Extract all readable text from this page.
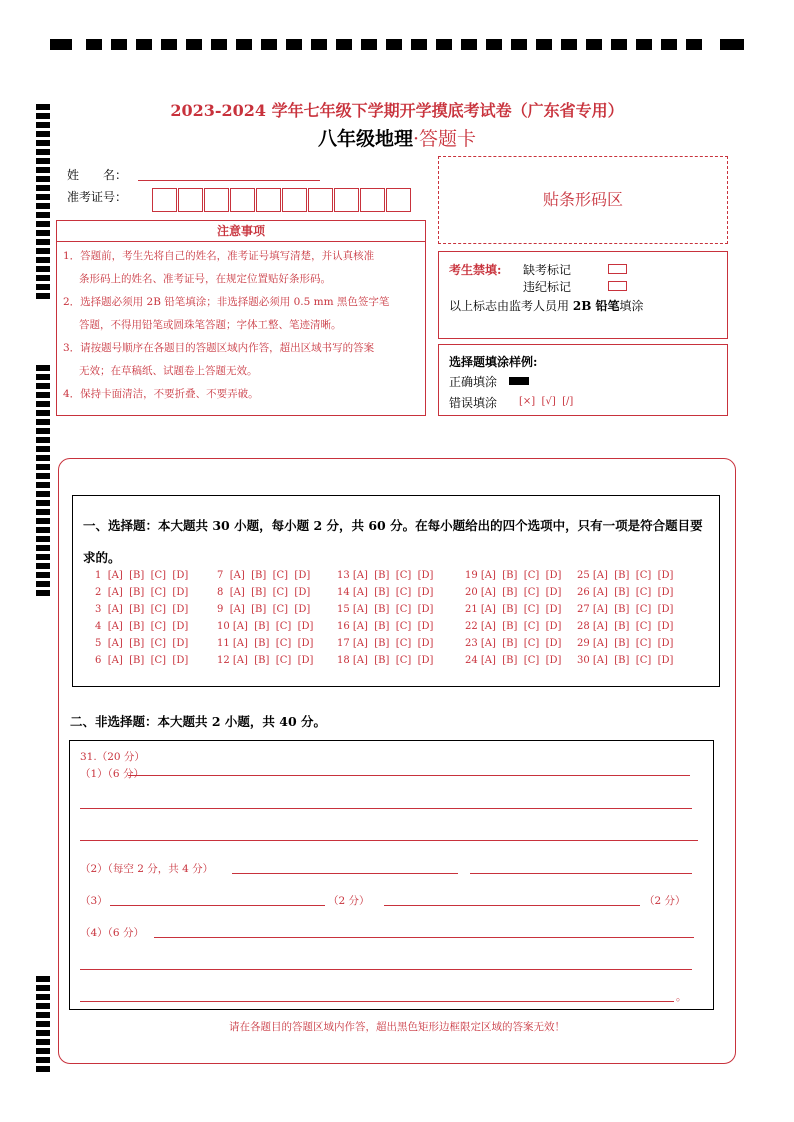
2023-2024 学年七年级下学期开学摸底考试卷（广东省专用）
八年级地理·答题卡
姓　　名：
准考证号：	贴条形码区
注意事项
1．答题前，考生先将自己的姓名，准考证号填写清楚，并认真核准
条形码上的姓名、准考证号，在规定位置贴好条形码。
2．选择题必须用 2B 铅笔填涂；非选择题必须用 0.5 mm 黑色签字笔
答题，不得用铅笔或圆珠笔答题；字体工整、笔迹清晰。
3．请按题号顺序在各题目的答题区域内作答，超出区域书写的答案
无效；在草稿纸、试题卷上答题无效。
4．保持卡面清洁，不要折叠、不要弄破。
考生禁填: 缺考标记
违纪标记
以上标志由监考人员用 2B 铅笔填涂
选择题填涂样例:
正确填涂
错误填涂 [×]  [√]  [/]
一、选择题：本大题共 30 小题，每小题 2 分，共 60 分。在每小题给出的四个选项中，只有一项是符合题目要求的。
1  [A]  [B]  [C]  [D]
2  [A]  [B]  [C]  [D]
3  [A]  [B]  [C]  [D]
4  [A]  [B]  [C]  [D]
5  [A]  [B]  [C]  [D]
6  [A]  [B]  [C]  [D]
7  [A]  [B]  [C]  [D]
8  [A]  [B]  [C]  [D]
9  [A]  [B]  [C]  [D]
10 [A]  [B]  [C]  [D]
11 [A]  [B]  [C]  [D]
12 [A]  [B]  [C]  [D]
13 [A]  [B]  [C]  [D]
14 [A]  [B]  [C]  [D]
15 [A]  [B]  [C]  [D]
16 [A]  [B]  [C]  [D]
17 [A]  [B]  [C]  [D]
18 [A]  [B]  [C]  [D]
19 [A]  [B]  [C]  [D]
20 [A]  [B]  [C]  [D]
21 [A]  [B]  [C]  [D]
22 [A]  [B]  [C]  [D]
23 [A]  [B]  [C]  [D]
24 [A]  [B]  [C]  [D]
25 [A]  [B]  [C]  [D]
26 [A]  [B]  [C]  [D]
27 [A]  [B]  [C]  [D]
28 [A]  [B]  [C]  [D]
29 [A]  [B]  [C]  [D]
30 [A]  [B]  [C]  [D]
二、非选择题：本大题共 2 小题，共 40 分。
31.（20 分）
（1）（6 分）
（2）（每空 2 分，共 4 分）
（3）	（2 分）	（2 分）
（4）（6 分）
。
请在各题目的答题区域内作答，超出黑色矩形边框限定区域的答案无效！
